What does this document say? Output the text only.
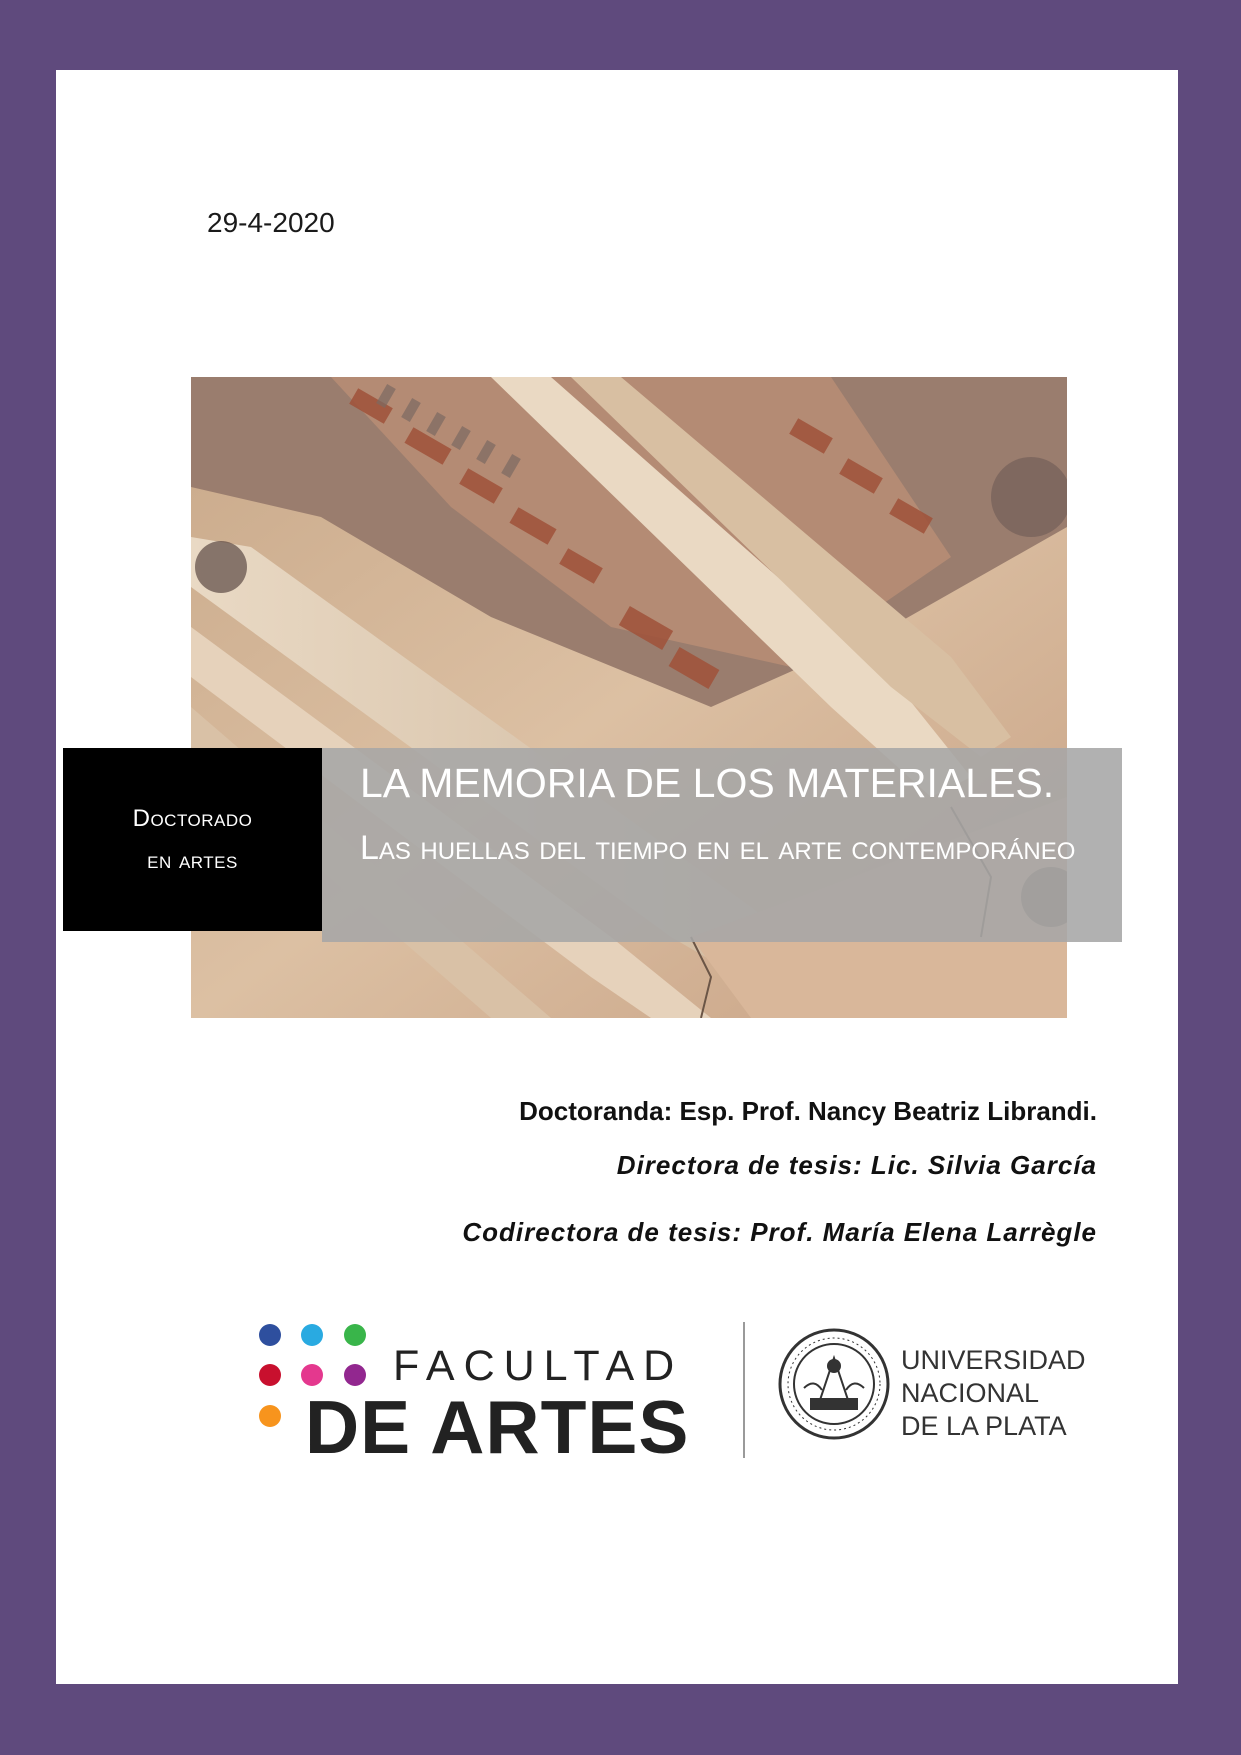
29-4-2020
Doctorado
en artes
LA MEMORIA DE LOS MATERIALES.
Las huellas del tiempo en el arte contemporáneo
Doctoranda: Esp. Prof. Nancy Beatriz Librandi.
Directora de tesis: Lic. Silvia García
Codirectora de tesis: Prof. María Elena Larrègle
FACULTAD
DE ARTES
UNIVERSIDAD
NACIONAL
DE LA PLATA
